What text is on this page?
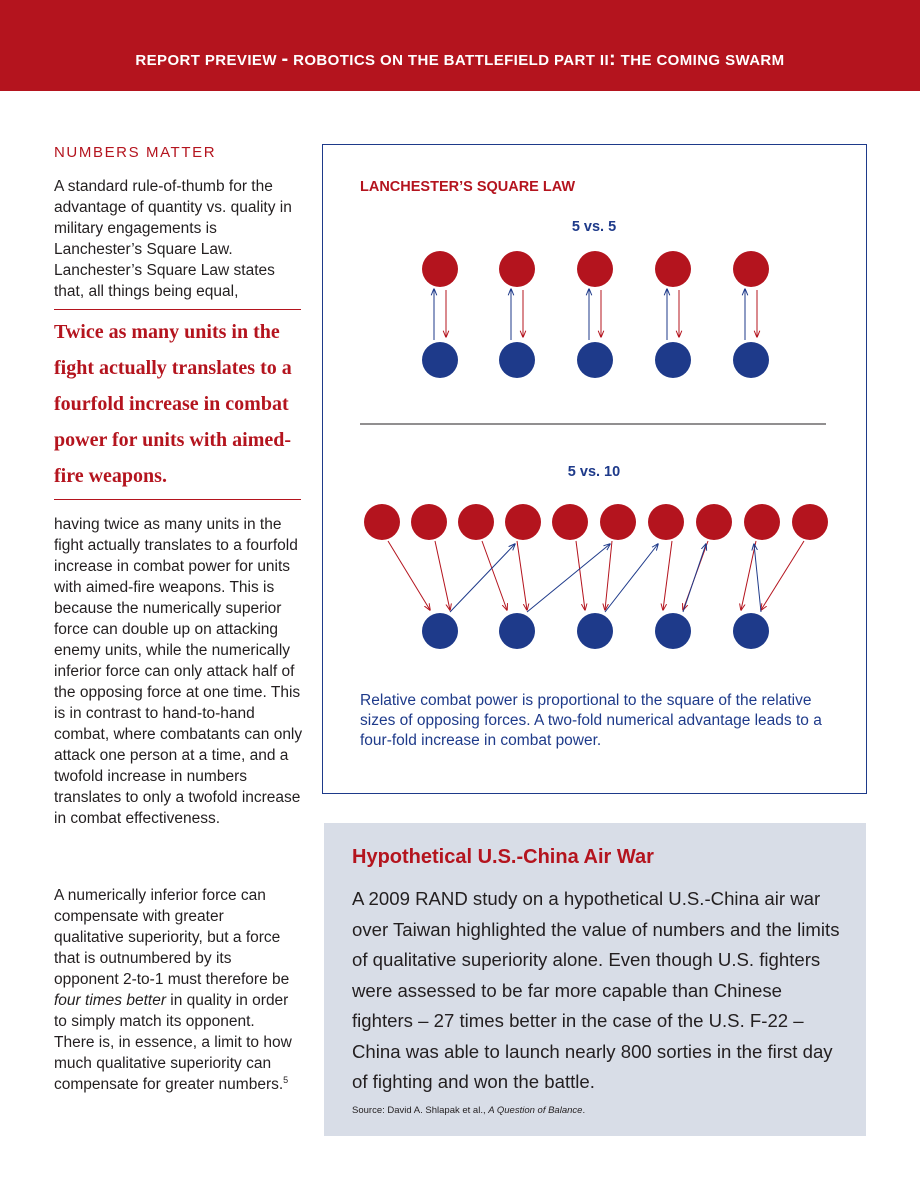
REPORT PREVIEW - ROBOTICS ON THE BATTLEFIELD PART II: THE COMING SWARM
NUMBERS MATTER
A standard rule-of-thumb for the advantage of quantity vs. quality in military engagements is Lanchester’s Square Law. Lanchester’s Square Law states that, all things being equal,
Twice as many units in the fight actually translates to a fourfold increase in combat power for units with aimed-fire weapons.
having twice as many units in the fight actually translates to a fourfold increase in combat power for units with aimed-fire weapons. This is because the numerically superior force can double up on attacking enemy units, while the numerically inferior force can only attack half of the opposing force at one time. This is in contrast to hand-to-hand combat, where combatants can only attack one person at a time, and a twofold increase in numbers translates to only a twofold increase in combat effectiveness.
A numerically inferior force can compensate with greater qualitative superiority, but a force that is outnumbered by its opponent 2-to-1 must therefore be four times better in quality in order to simply match its opponent. There is, in essence, a limit to how much qualitative superiority can compensate for greater numbers.$^5$
LANCHESTER’S SQUARE LAW
5 vs. 5
5 vs. 10
Relative combat power is proportional to the square of the relative sizes of opposing forces. A two-fold numerical advantage leads to a four-fold increase in combat power.
Hypothetical U.S.-China Air War
A 2009 RAND study on a hypothetical U.S.-China air war over Taiwan highlighted the value of numbers and the limits of qualitative superiority alone. Even though U.S. fighters were assessed to be far more capable than Chinese fighters – 27 times better in the case of the U.S. F-22 – China was able to launch nearly 800 sorties in the first day of fighting and won the battle.
Source: David A. Shlapak et al., A Question of Balance.
